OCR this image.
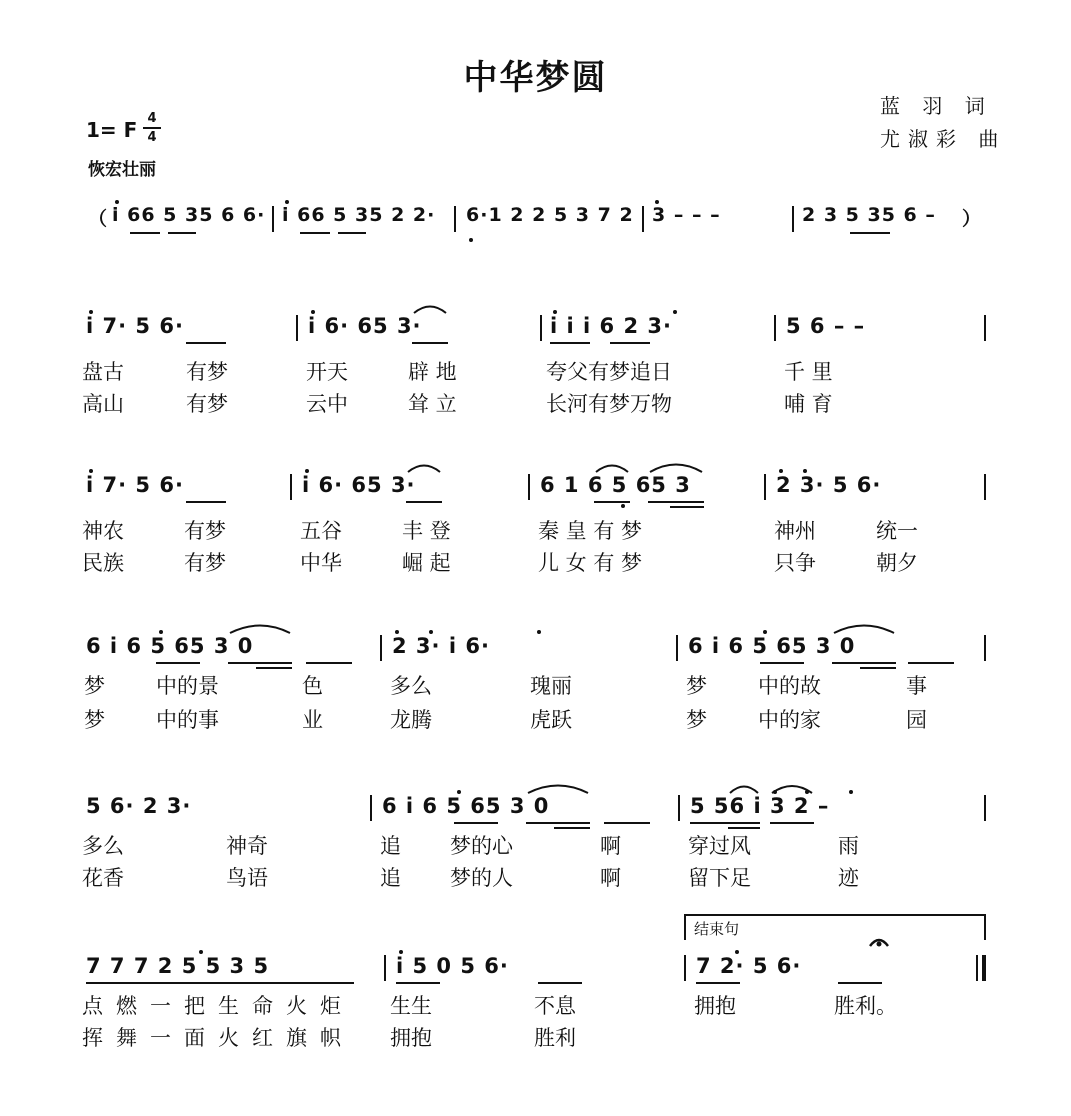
中华梦圆
蓝 羽 词
尤淑彩 曲
1= F 4
4
恢宏壮丽
（ i 66 5 35 6 6· i 66 5 35 2 2· 6·1 2 2 5 3 7 2 3 – – –	2 3 5 35 6 – ）
i 7· 5 6·	i 6· 65 3·	i i i 6 2 3·	5 6 – –
盘古	有梦	开天	辟 地	夸父有梦追日	千 里
高山	有梦	云中	耸 立	长河有梦万物	哺 育
i 7· 5 6·	i 6· 65 3·	6 1 6 5 65 3	2 3· 5 6·
神农	有梦	五谷	丰 登	秦 皇 有 梦	神州	统一
民族	有梦	中华	崛 起	儿 女 有 梦	只争	朝夕
6 i 6 5 65 3 0	2 3· i 6·	6 i 6 5 65 3 0
梦 中的景	色	多么	瑰丽	梦 中的故	事
梦 中的事	业	龙腾	虎跃	梦 中的家	园
5 6· 2 3·	6 i 6 5 65 3 0	5 56 i 3 2 –
多么	神奇	追 梦的心	啊	穿过风	雨
花香	鸟语	追 梦的人	啊	留下足	迹
结束句
7 7 7 2 5 5 3 5	i 5 0 5 6·	7 2· 5 6·
点燃一把生命火炬 生生	不息	拥抱	胜利。
挥舞一面火红旗帜 拥抱	胜利
